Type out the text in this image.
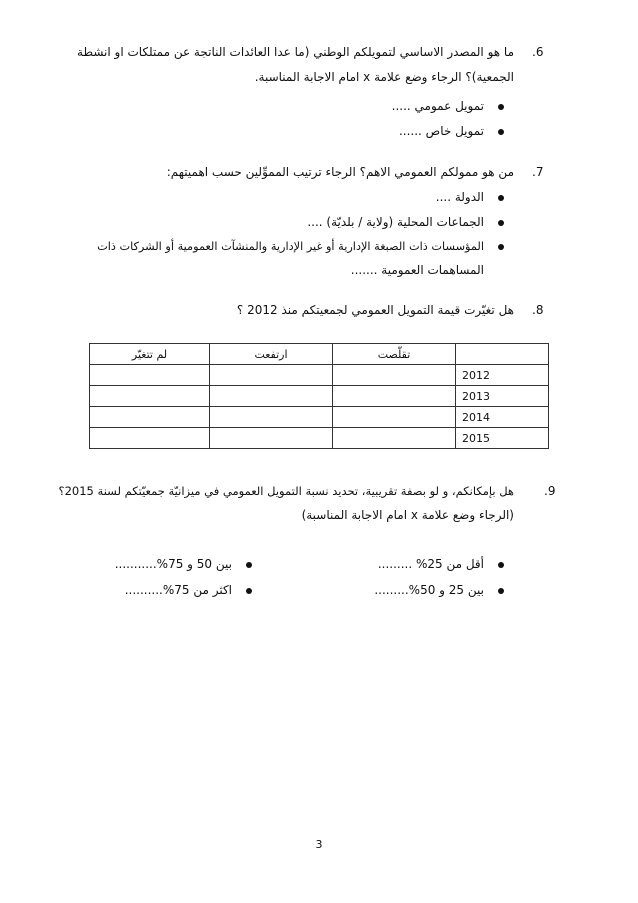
.6
ما هو المصدر الاساسي لتمويلكم الوطني (ما عدا العائدات الناتجة عن ممتلكات او انشطة
الجمعية)؟ الرجاء وضع علامة x امام الاجابة المناسبة.
تمويل عمومي .....
تمويل خاص ......
.7
من هو ممولكم العمومي الاهم؟ الرجاء ترتيب المموِّلين حسب اهميتهم:
الدولة ....
الجماعات المحلية (ولاية / بلديّة) ....
المؤسسات ذات الصبغة الإدارية أو غير الإدارية والمنشآت العمومية أو الشركات ذات
المساهمات العمومية .......
.8
هل تغيّرت قيمة التمويل العمومي لجمعيتكم منذ 2012 ؟
	تقلّصت	ارتفعت	لم تتغيّر
2012			
2013			
2014			
2015			
.9
هل بإمكانكم، و لو بصفة تقريبية، تحديد نسبة التمويل العمومي في ميزانيّة جمعيّتكم لسنة 2015؟
(الرجاء وضع علامة x امام الاجابة المناسبة)
أقل من 25% .........
بين 50 و 75%...........
بين 25 و 50%.........
اكثر من 75%..........
3
